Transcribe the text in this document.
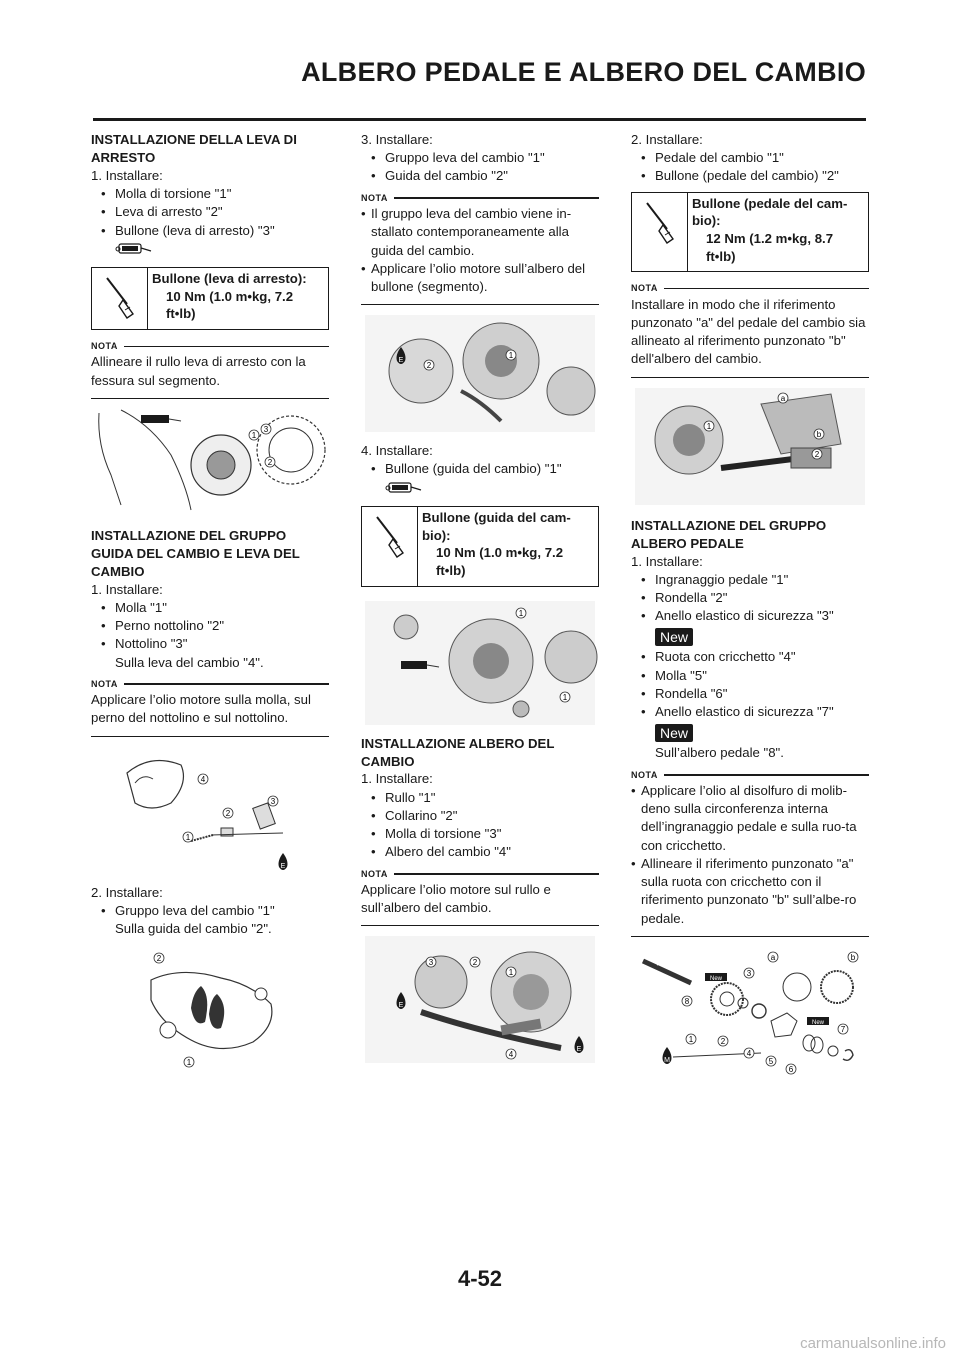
ALBERO PEDALE E ALBERO DEL CAMBIO
INSTALLAZIONE DELLA LEVA DI ARRESTO
1. Installare:
• Molla di torsione "1"
• Leva di arresto "2"
• Bullone (leva di arresto) "3"
Bullone (leva di arresto):
10 Nm (1.0 m•kg, 7.2 ft•lb)
NOTA
Allineare il rullo leva di arresto con la fessura sul segmento.
3
1
2
INSTALLAZIONE DEL GRUPPO GUIDA DEL CAMBIO E LEVA DEL CAMBIO
1. Installare:
• Molla "1"
• Perno nottolino "2"
• Nottolino "3"
Sulla leva del cambio "4".
NOTA
Applicare l’olio motore sulla molla, sul perno del nottolino e sul nottolino.
E
4
3
2
1
2. Installare:
• Gruppo leva del cambio "1"
Sulla guida del cambio "2".
2
1
3. Installare:
• Gruppo leva del cambio "1"
• Guida del cambio "2"
NOTA
• Il gruppo leva del cambio viene in-stallato contemporaneamente alla guida del cambio.
• Applicare l’olio motore sull’albero del bullone (segmento).
E
1
2
4. Installare:
• Bullone (guida del cambio) "1"
Bullone (guida del cam-bio):
10 Nm (1.0 m•kg, 7.2 ft•lb)
1
1
INSTALLAZIONE ALBERO DEL CAMBIO
1. Installare:
• Rullo "1"
• Collarino "2"
• Molla di torsione "3"
• Albero del cambio "4"
NOTA
Applicare l’olio motore sul rullo e sull’albero del cambio.
E
E
3	2
1
4
2. Installare:
• Pedale del cambio "1"
• Bullone (pedale del cambio) "2"
Bullone (pedale del cam-bio):
12 Nm (1.2 m•kg, 8.7 ft•lb)
NOTA
Installare in modo che il riferimento punzonato "a" del pedale del cambio sia allineato al riferimento punzonato "b" dell'albero del cambio.
a
b
1
2
INSTALLAZIONE DEL GRUPPO ALBERO PEDALE
1. Installare:
• Ingranaggio pedale "1"
• Rondella "2"
• Anello elastico di sicurezza "3"
New
• Ruota con cricchetto "4"
• Molla "5"
• Rondella "6"
• Anello elastico di sicurezza "7"
New
Sull’albero pedale "8".
NOTA
• Applicare l’olio al disolfuro di molib-deno sulla circonferenza interna dell’ingranaggio pedale e sulla ruo-ta con cricchetto.
• Allineare il riferimento punzonato "a" sulla ruota con cricchetto con il riferimento punzonato "b" sull’albe-ro pedale.
New
New
M
1	2
3
4
5
6
7
8
a	b
4-52
carmanualsonline.info
